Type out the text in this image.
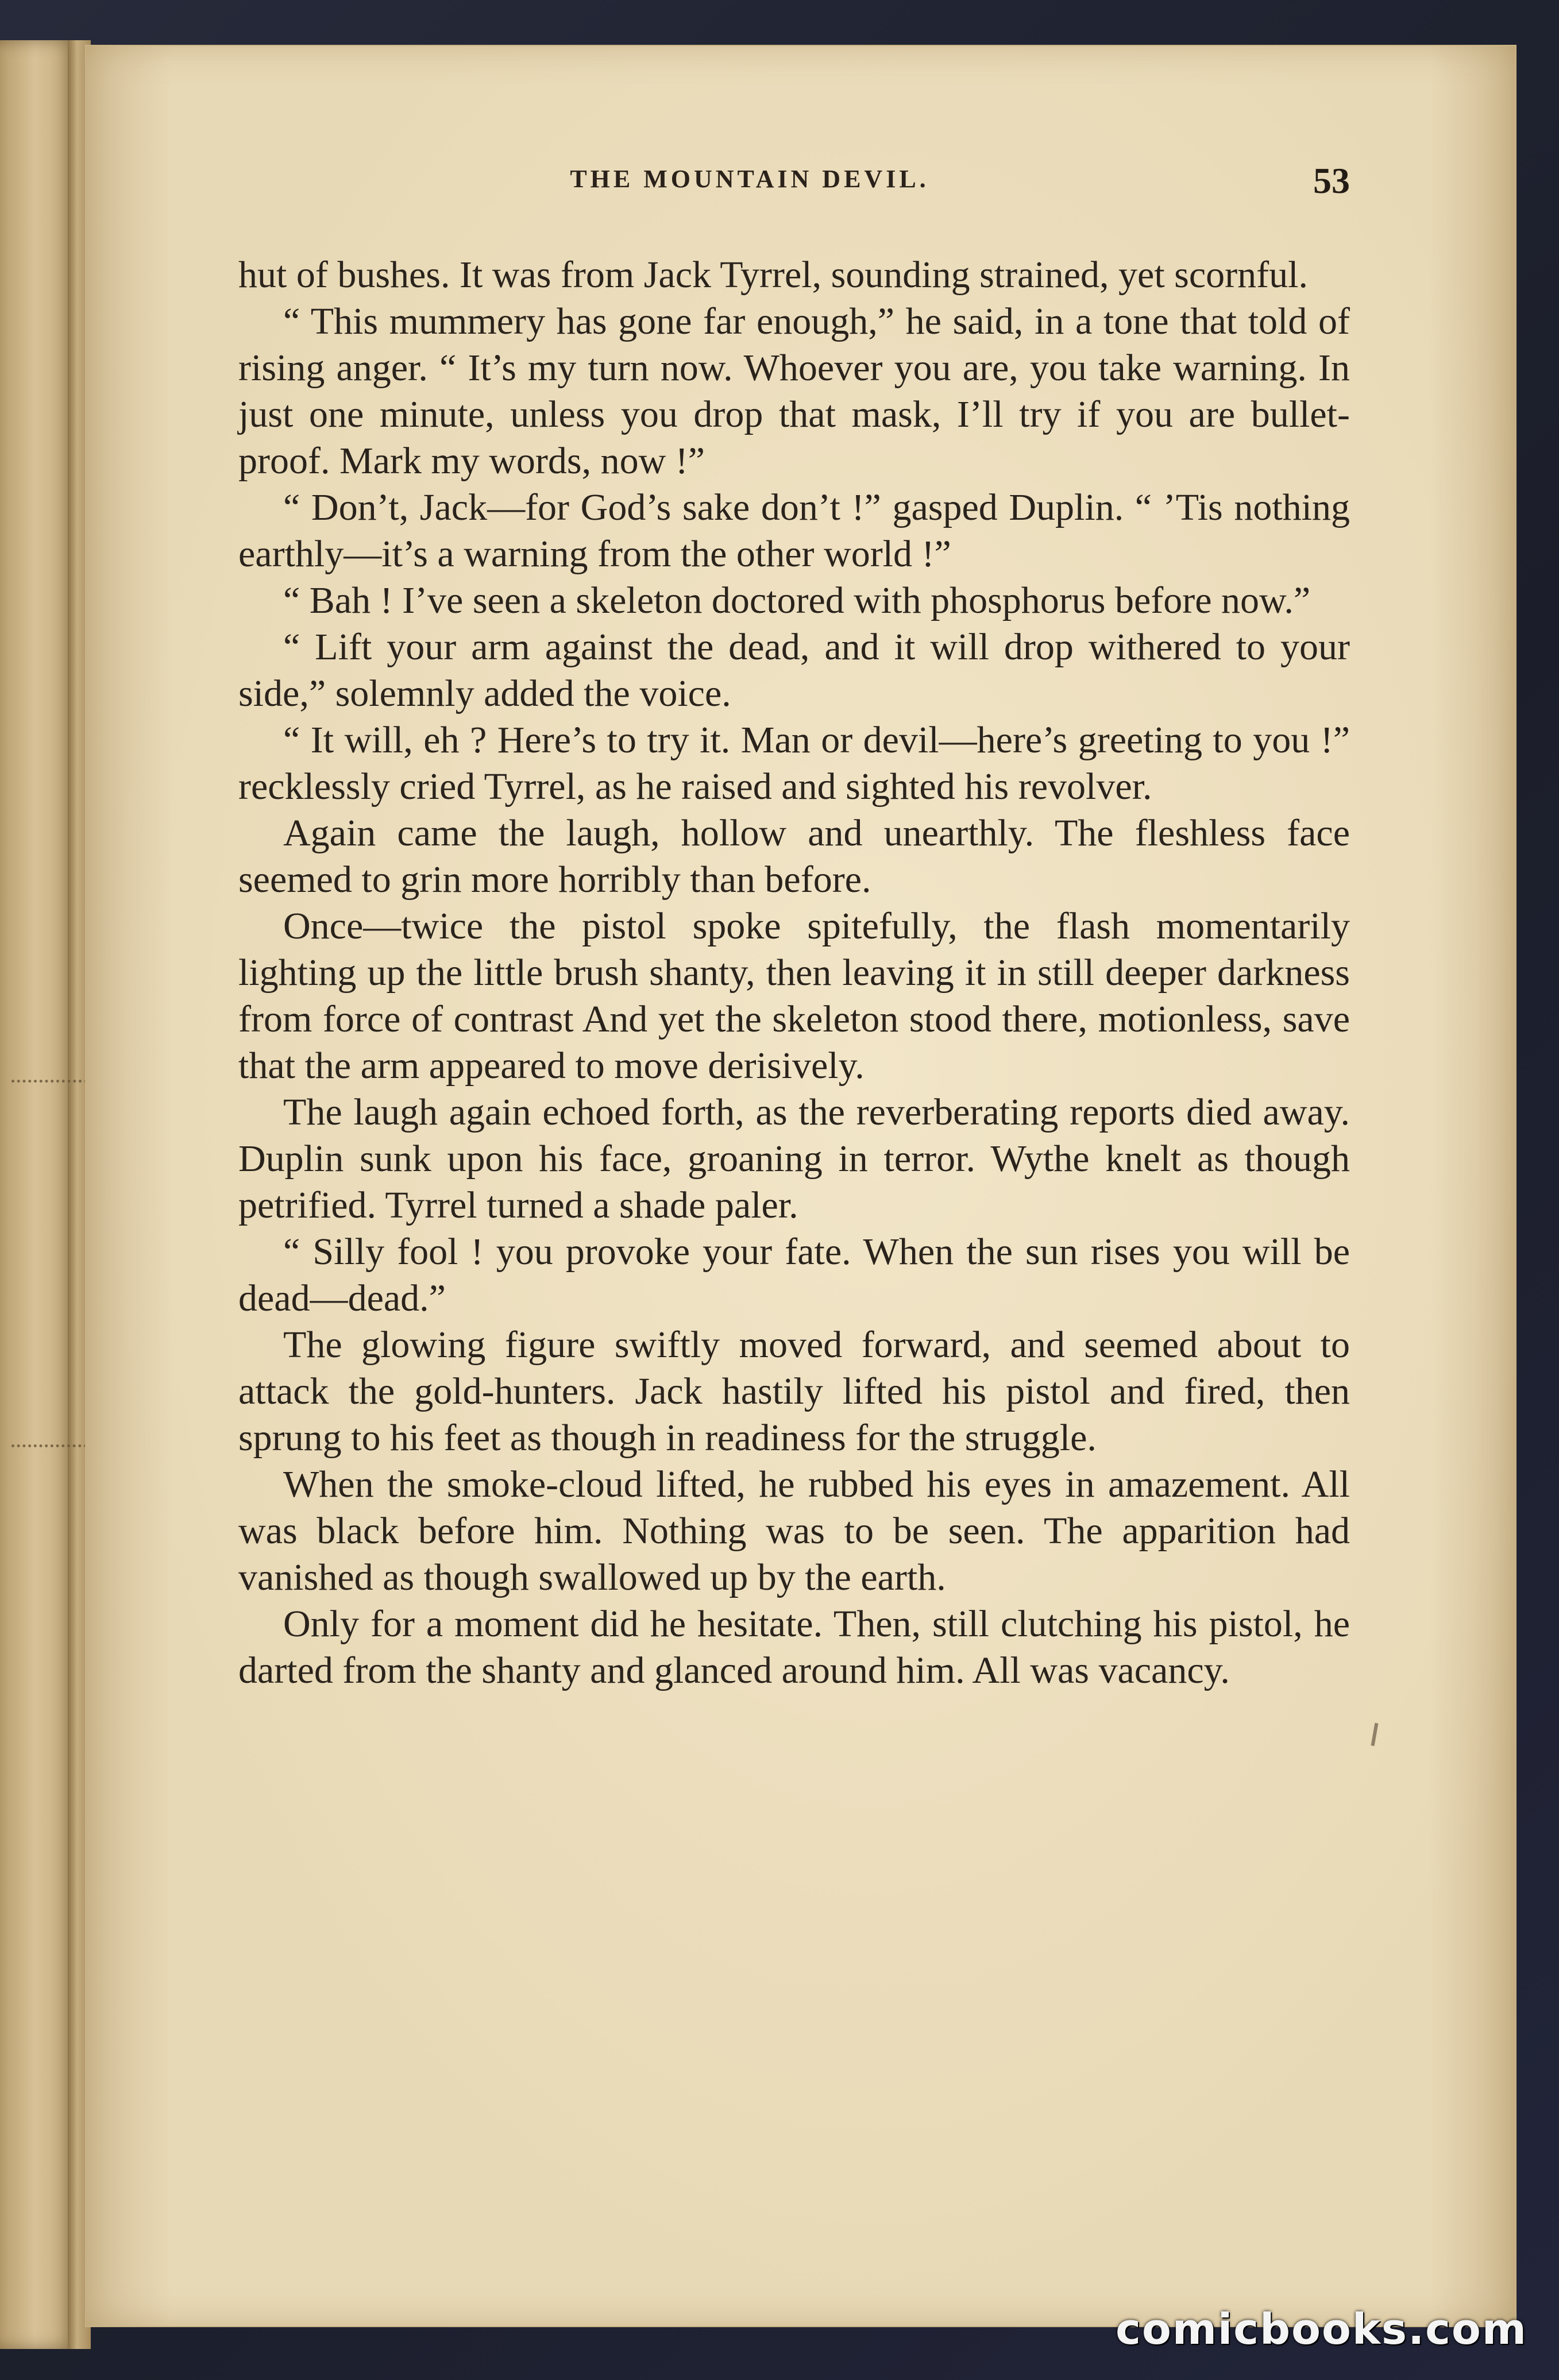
THE MOUNTAIN DEVIL.	53

hut of bushes. It was from Jack Tyrrel, sounding strained, yet scornful.

“ This mummery has gone far enough,” he said, in a tone that told of rising anger. “ It’s my turn now. Whoever you are, you take warning. In just one minute, unless you drop that mask, I’ll try if you are bullet-proof. Mark my words, now !”

“ Don’t, Jack—for God’s sake don’t !” gasped Duplin. “ ’Tis nothing earthly—it’s a warning from the other world !”

“ Bah ! I’ve seen a skeleton doctored with phosphorus before now.”

“ Lift your arm against the dead, and it will drop withered to your side,” solemnly added the voice.

“ It will, eh ? Here’s to try it. Man or devil—here’s greeting to you !” recklessly cried Tyrrel, as he raised and sighted his revolver.

Again came the laugh, hollow and unearthly. The fleshless face seemed to grin more horribly than before.

Once—twice the pistol spoke spitefully, the flash momentarily lighting up the little brush shanty, then leaving it in still deeper darkness from force of contrast And yet the skeleton stood there, motionless, save that the arm appeared to move derisively.

The laugh again echoed forth, as the reverberating reports died away. Duplin sunk upon his face, groaning in terror. Wythe knelt as though petrified. Tyrrel turned a shade paler.

“ Silly fool ! you provoke your fate. When the sun rises you will be dead—dead.”

The glowing figure swiftly moved forward, and seemed about to attack the gold-hunters. Jack hastily lifted his pistol and fired, then sprung to his feet as though in readiness for the struggle.

When the smoke-cloud lifted, he rubbed his eyes in amazement. All was black before him. Nothing was to be seen. The apparition had vanished as though swallowed up by the earth.

Only for a moment did he hesitate. Then, still clutching his pistol, he darted from the shanty and glanced around him. All was vacancy.

comicbooks.com
